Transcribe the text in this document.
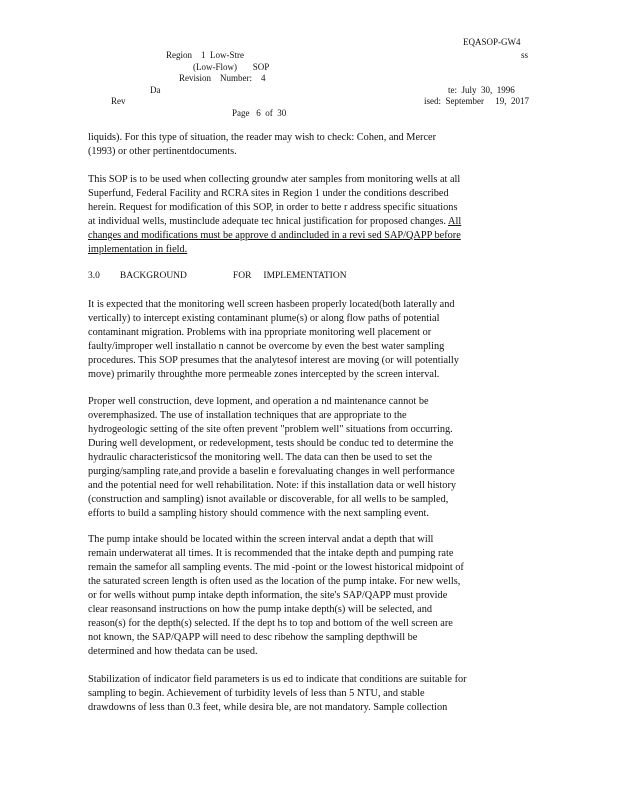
EQASOP-GW4
Region    1  Low-Stre	ss
(Low-Flow)       SOP
Revision    Number:    4
Da	te:  July  30,  1996
Rev	ised:  September     19,  2017
Page   6  of  30
liquids). For this type of situation, the reader may wish to check: Cohen, and Mercer
(1993) or other pertinentdocuments.
This SOP is to be used when collecting groundw ater samples from monitoring wells at all
Superfund, Federal Facility and RCRA sites in Region 1 under the conditions described
herein. Request for modification of this SOP, in order to bette r address specific situations
at individual wells, mustinclude adequate tec hnical justification for proposed changes. All
changes and modifications must be approve d andincluded in a revi sed SAP/QAPP before
implementation in field.
3.0 BACKGROUND	FOR IMPLEMENTATION
It is expected that the monitoring well screen hasbeen properly located(both laterally and
vertically) to intercept existing contaminant plume(s) or along flow paths of potential
contaminant migration. Problems with ina ppropriate monitoring well placement or
faulty/improper well installatio n cannot be overcome by even the best water sampling
procedures. This SOP presumes that the analytesof interest are moving (or will potentially
move) primarily throughthe more permeable zones intercepted by the screen interval.
Proper well construction, deve lopment, and operation a nd maintenance cannot be
overemphasized. The use of installation techniques that are appropriate to the
hydrogeologic setting of the site often prevent "problem well" situations from occurring.
During well development, or redevelopment, tests should be conduc ted to determine the
hydraulic characteristicsof the monitoring well. The data can then be used to set the
purging/sampling rate,and provide a baselin e forevaluating changes in well performance
and the potential need for well rehabilitation. Note: if this installation data or well history
(construction and sampling) isnot available or discoverable, for all wells to be sampled,
efforts to build a sampling history should commence with the next sampling event.
The pump intake should be located within the screen interval andat a depth that will
remain underwaterat all times. It is recommended that the intake depth and pumping rate
remain the samefor all sampling events. The mid -point or the lowest historical midpoint of
the saturated screen length is often used as the location of the pump intake. For new wells,
or for wells without pump intake depth information, the site's SAP/QAPP must provide
clear reasonsand instructions on how the pump intake depth(s) will be selected, and
reason(s) for the depth(s) selected. If the dept hs to top and bottom of the well screen are
not known, the SAP/QAPP will need to desc ribehow the sampling depthwill be
determined and how thedata can be used.
Stabilization of indicator field parameters is us ed to indicate that conditions are suitable for
sampling to begin. Achievement of turbidity levels of less than 5 NTU, and stable
drawdowns of less than 0.3 feet, while desira ble, are not mandatory. Sample collection
